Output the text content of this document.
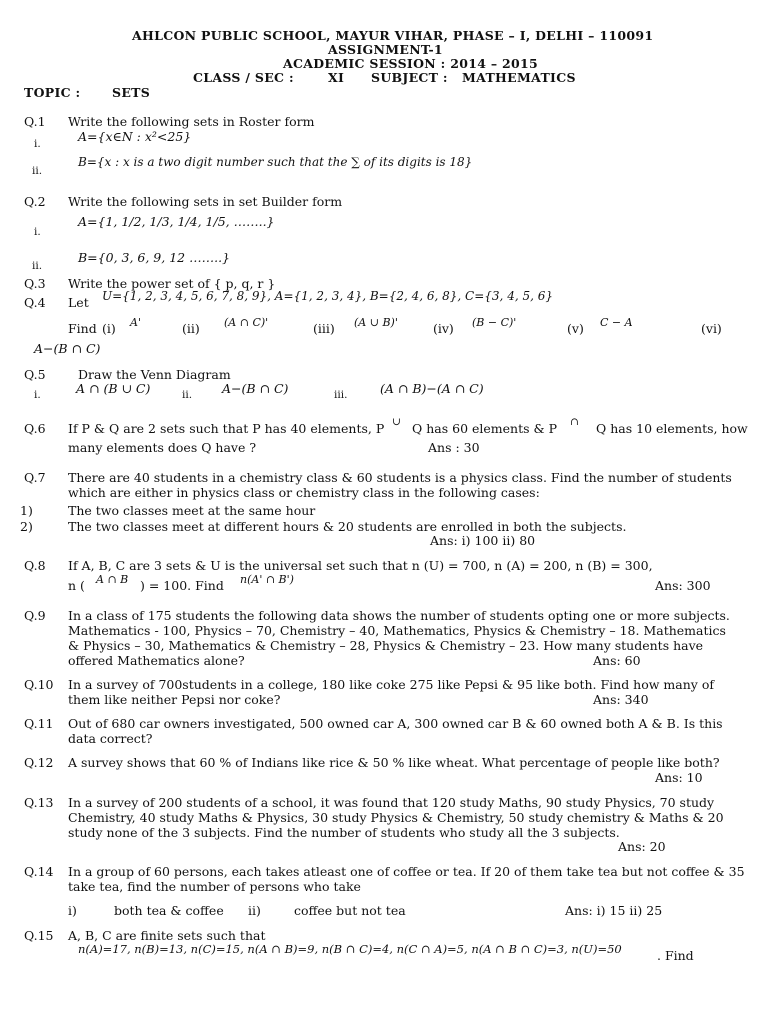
AHLCON PUBLIC SCHOOL, MAYUR VIHAR, PHASE – I, DELHI – 110091
ASSIGNMENT-1
ACADEMIC SESSION : 2014 – 2015
CLASS / SEC :	XI SUBJECT : MATHEMATICS
TOPIC :	SETS
Q.1 Write the following sets in Roster form
i.	A={x∈N : x²<25}
ii.
B={x : x is a two digit number such that the ∑ of its digits is 18}
Q.2 Write the following sets in set Builder form
i.
A={1, 1/2, 1/3, 1/4, 1/5, ……..}
ii.
B={0, 3, 6, 9, 12 ……..}
Q.3 Write the power set of { p, q, r }
Q.4 Let U={1, 2, 3, 4, 5, 6, 7, 8, 9}, A={1, 2, 3, 4}, B={2, 4, 6, 8}, C={3, 4, 5, 6}
Find (i) A'	(ii) (A ∩ C)'	(iii) (A ∪ B)'	(iv) (B − C)'	(v) C − A	(vi)
A−(B ∩ C)
Q.5	Draw the Venn Diagram
i.	A ∩ (B ∪ C)	ii. A−(B ∩ C)	iii.	(A ∩ B)−(A ∩ C)
Q.6 If P & Q are 2 sets such that P has 40 elements, P ∪ Q has 60 elements & P ∩ Q has 10 elements, how
many elements does Q have ?	Ans : 30
Q.7 There are 40 students in a chemistry class & 60 students is a physics class. Find the number of students which are either in physics class or chemistry class in the following cases:
1)	The two classes meet at the same hour
2)	The two classes meet at different hours & 20 students are enrolled in both the subjects.
Ans: i) 100 ii) 80
Q.8 If A, B, C are 3 sets & U is the universal set such that n (U) = 700, n (A) = 200, n (B) = 300,
n ( A ∩ B ) = 100. Find n(A' ∩ B')	Ans: 300
Q.9 In a class of 175 students the following data shows the number of students opting one or more subjects.
Mathematics - 100, Physics – 70, Chemistry – 40, Mathematics, Physics & Chemistry – 18. Mathematics
& Physics – 30, Mathematics & Chemistry – 28, Physics & Chemistry – 23. How many students have
offered Mathematics alone?	Ans: 60
Q.10 In a survey of 700students in a college, 180 like coke 275 like Pepsi & 95 like both. Find how many of
them like neither Pepsi nor coke?	Ans: 340
Q.11 Out of 680 car owners investigated, 500 owned car A, 300 owned car B & 60 owned both A & B. Is this
data correct?
Q.12 A survey shows that 60 % of Indians like rice & 50 % like wheat. What percentage of people like both?
Ans: 10
Q.13 In a survey of 200 students of a school, it was found that 120 study Maths, 90 study Physics, 70 study
Chemistry, 40 study Maths & Physics, 30 study Physics & Chemistry, 50 study chemistry & Maths & 20
study none of the 3 subjects. Find the number of students who study all the 3 subjects.
Ans: 20
Q.14 In a group of 60 persons, each takes atleast one of coffee or tea. If 20 of them take tea but not coffee & 35
take tea, find the number of persons who take
i)	both tea & coffee ii)	coffee but not tea	Ans: i) 15 ii) 25
Q.15 A, B, C are finite sets such that
n(A)=17, n(B)=13, n(C)=15, n(A ∩ B)=9, n(B ∩ C)=4, n(C ∩ A)=5, n(A ∩ B ∩ C)=3, n(U)=50	. Find
